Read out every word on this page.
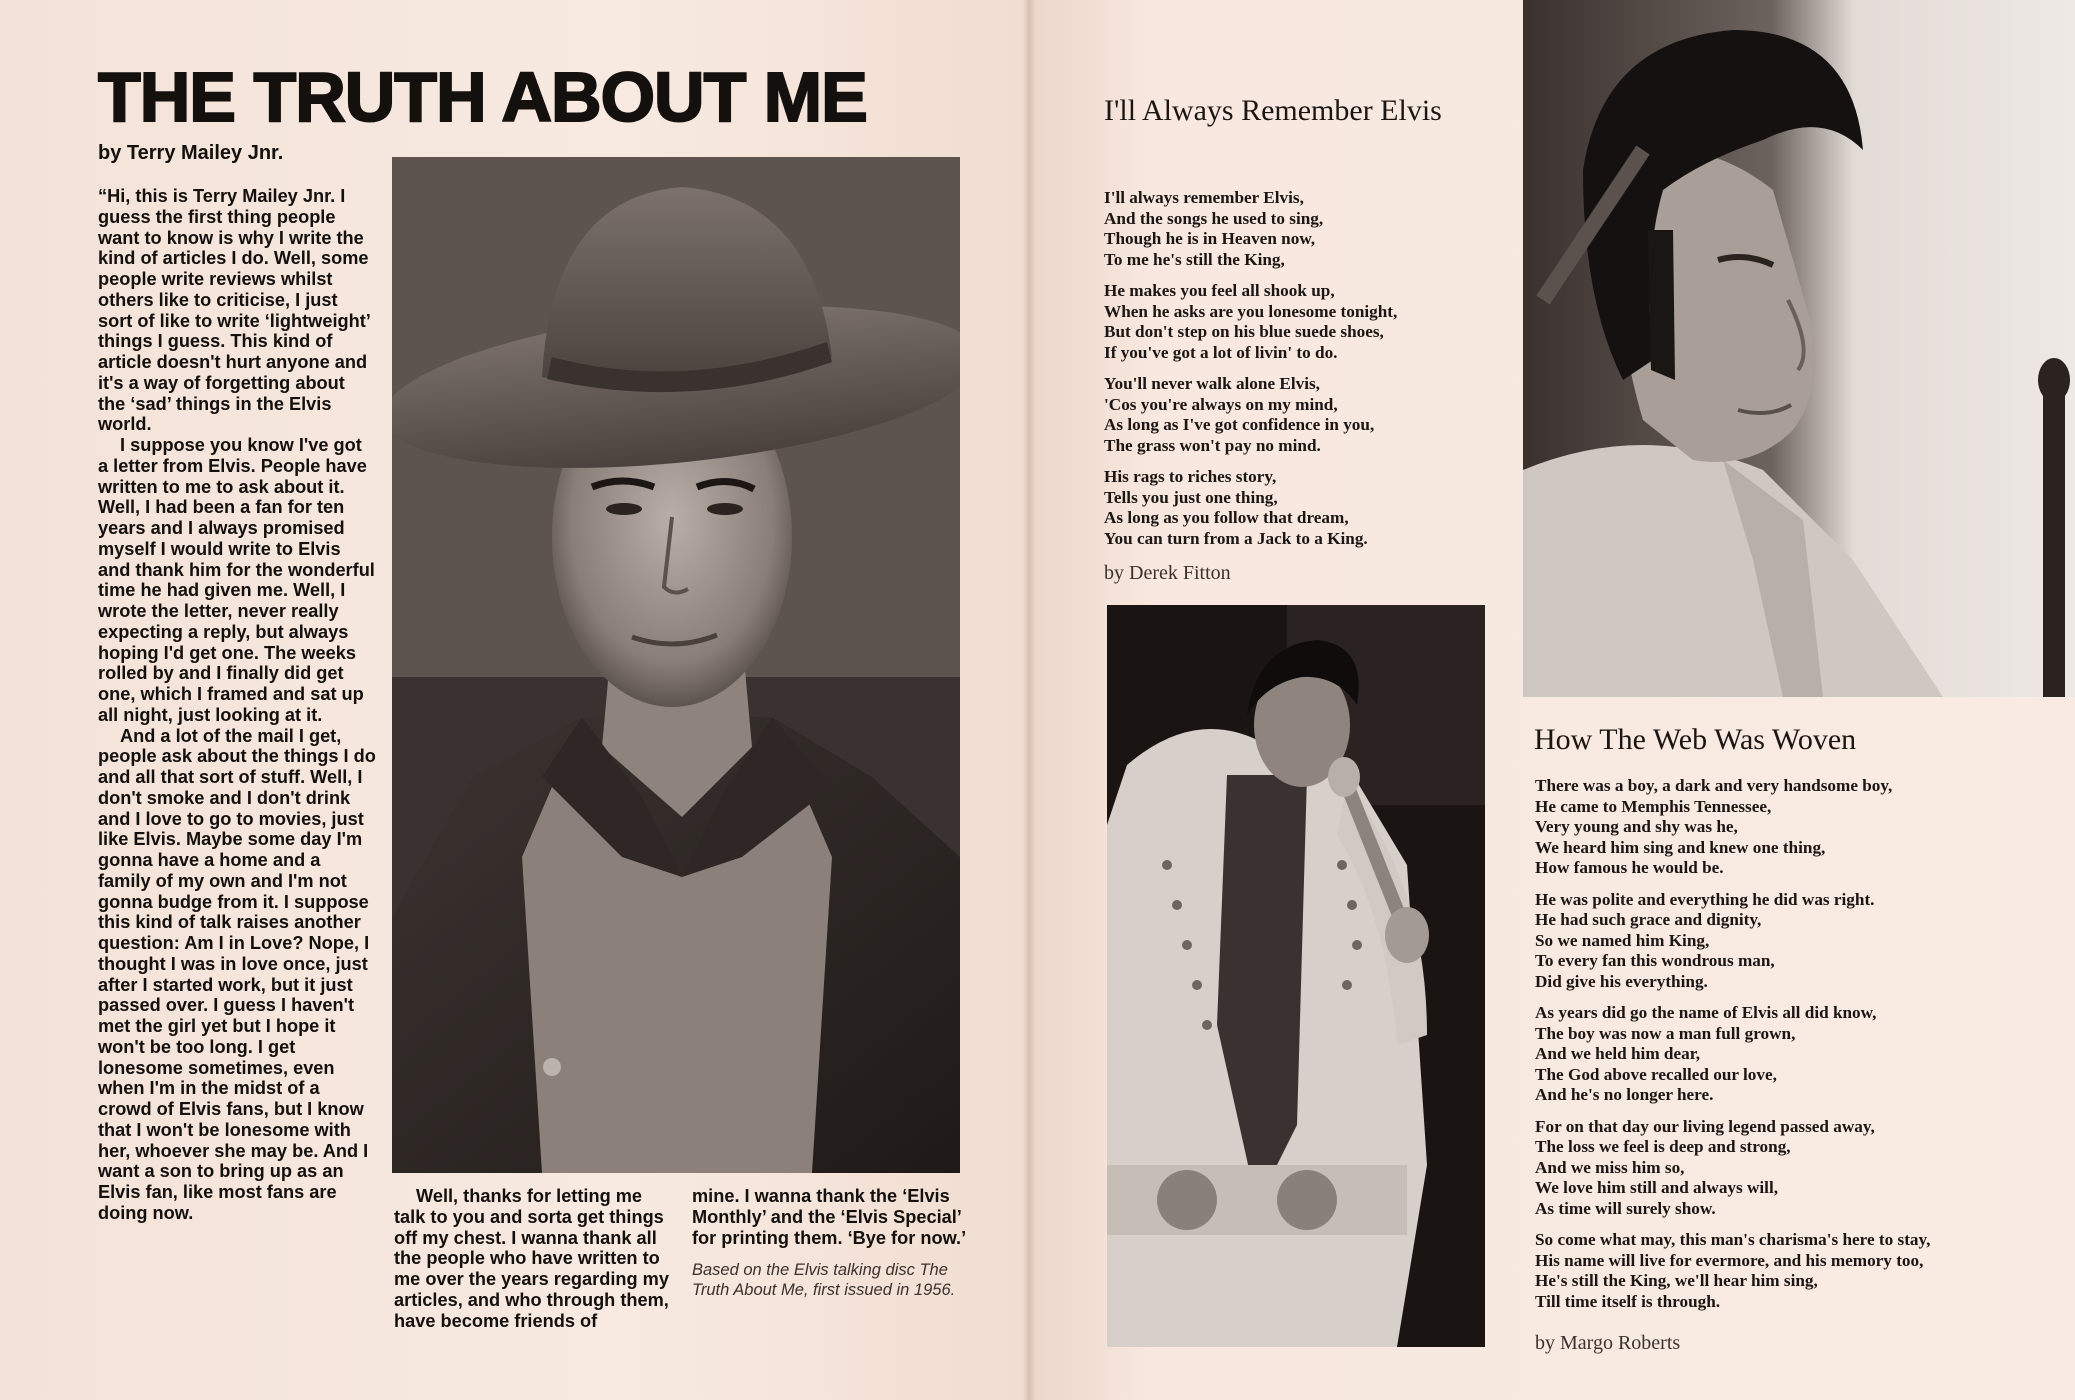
THE TRUTH ABOUT ME
by Terry Mailey Jnr.

“Hi, this is Terry Mailey Jnr. I guess the first thing people want to know is why I write the kind of articles I do. Well, some people write reviews whilst others like to criticise, I just sort of like to write ‘lightweight’ things I guess. This kind of article doesn't hurt anyone and it's a way of forgetting about the ‘sad’ things in the Elvis world.

I suppose you know I've got a letter from Elvis. People have written to me to ask about it. Well, I had been a fan for ten years and I always promised myself I would write to Elvis and thank him for the wonderful time he had given me. Well, I wrote the letter, never really expecting a reply, but always hoping I'd get one. The weeks rolled by and I finally did get one, which I framed and sat up all night, just looking at it.

And a lot of the mail I get, people ask about the things I do and all that sort of stuff. Well, I don't smoke and I don't drink and I love to go to movies, just like Elvis. Maybe some day I'm gonna have a home and a family of my own and I'm not gonna budge from it. I suppose this kind of talk raises another question: Am I in Love? Nope, I thought I was in love once, just after I started work, but it just passed over. I guess I haven't met the girl yet but I hope it won't be too long. I get lonesome sometimes, even when I'm in the midst of a crowd of Elvis fans, but I know that I won't be lonesome with her, whoever she may be. And I want a son to bring up as an Elvis fan, like most fans are doing now.

Well, thanks for letting me talk to you and sorta get things off my chest. I wanna thank all the people who have written to me over the years regarding my articles, and who through them, have become friends of

mine. I wanna thank the ‘Elvis Monthly’ and the ‘Elvis Special’ for printing them. ‘Bye for now.’

Based on the Elvis talking disc The Truth About Me, first issued in 1956.

I'll Always Remember Elvis
I'll always remember Elvis,
And the songs he used to sing,
Though he is in Heaven now,
To me he's still the King,
He makes you feel all shook up,
When he asks are you lonesome tonight,
But don't step on his blue suede shoes,
If you've got a lot of livin' to do.
You'll never walk alone Elvis,
'Cos you're always on my mind,
As long as I've got confidence in you,
The grass won't pay no mind.
His rags to riches story,
Tells you just one thing,
As long as you follow that dream,
You can turn from a Jack to a King.
by Derek Fitton
How The Web Was Woven
There was a boy, a dark and very handsome boy,
He came to Memphis Tennessee,
Very young and shy was he,
We heard him sing and knew one thing,
How famous he would be.
He was polite and everything he did was right.
He had such grace and dignity,
So we named him King,
To every fan this wondrous man,
Did give his everything.
As years did go the name of Elvis all did know,
The boy was now a man full grown,
And we held him dear,
The God above recalled our love,
And he's no longer here.
For on that day our living legend passed away,
The loss we feel is deep and strong,
And we miss him so,
We love him still and always will,
As time will surely show.
So come what may, this man's charisma's here to stay,
His name will live for evermore, and his memory too,
He's still the King, we'll hear him sing,
Till time itself is through.
by Margo Roberts
